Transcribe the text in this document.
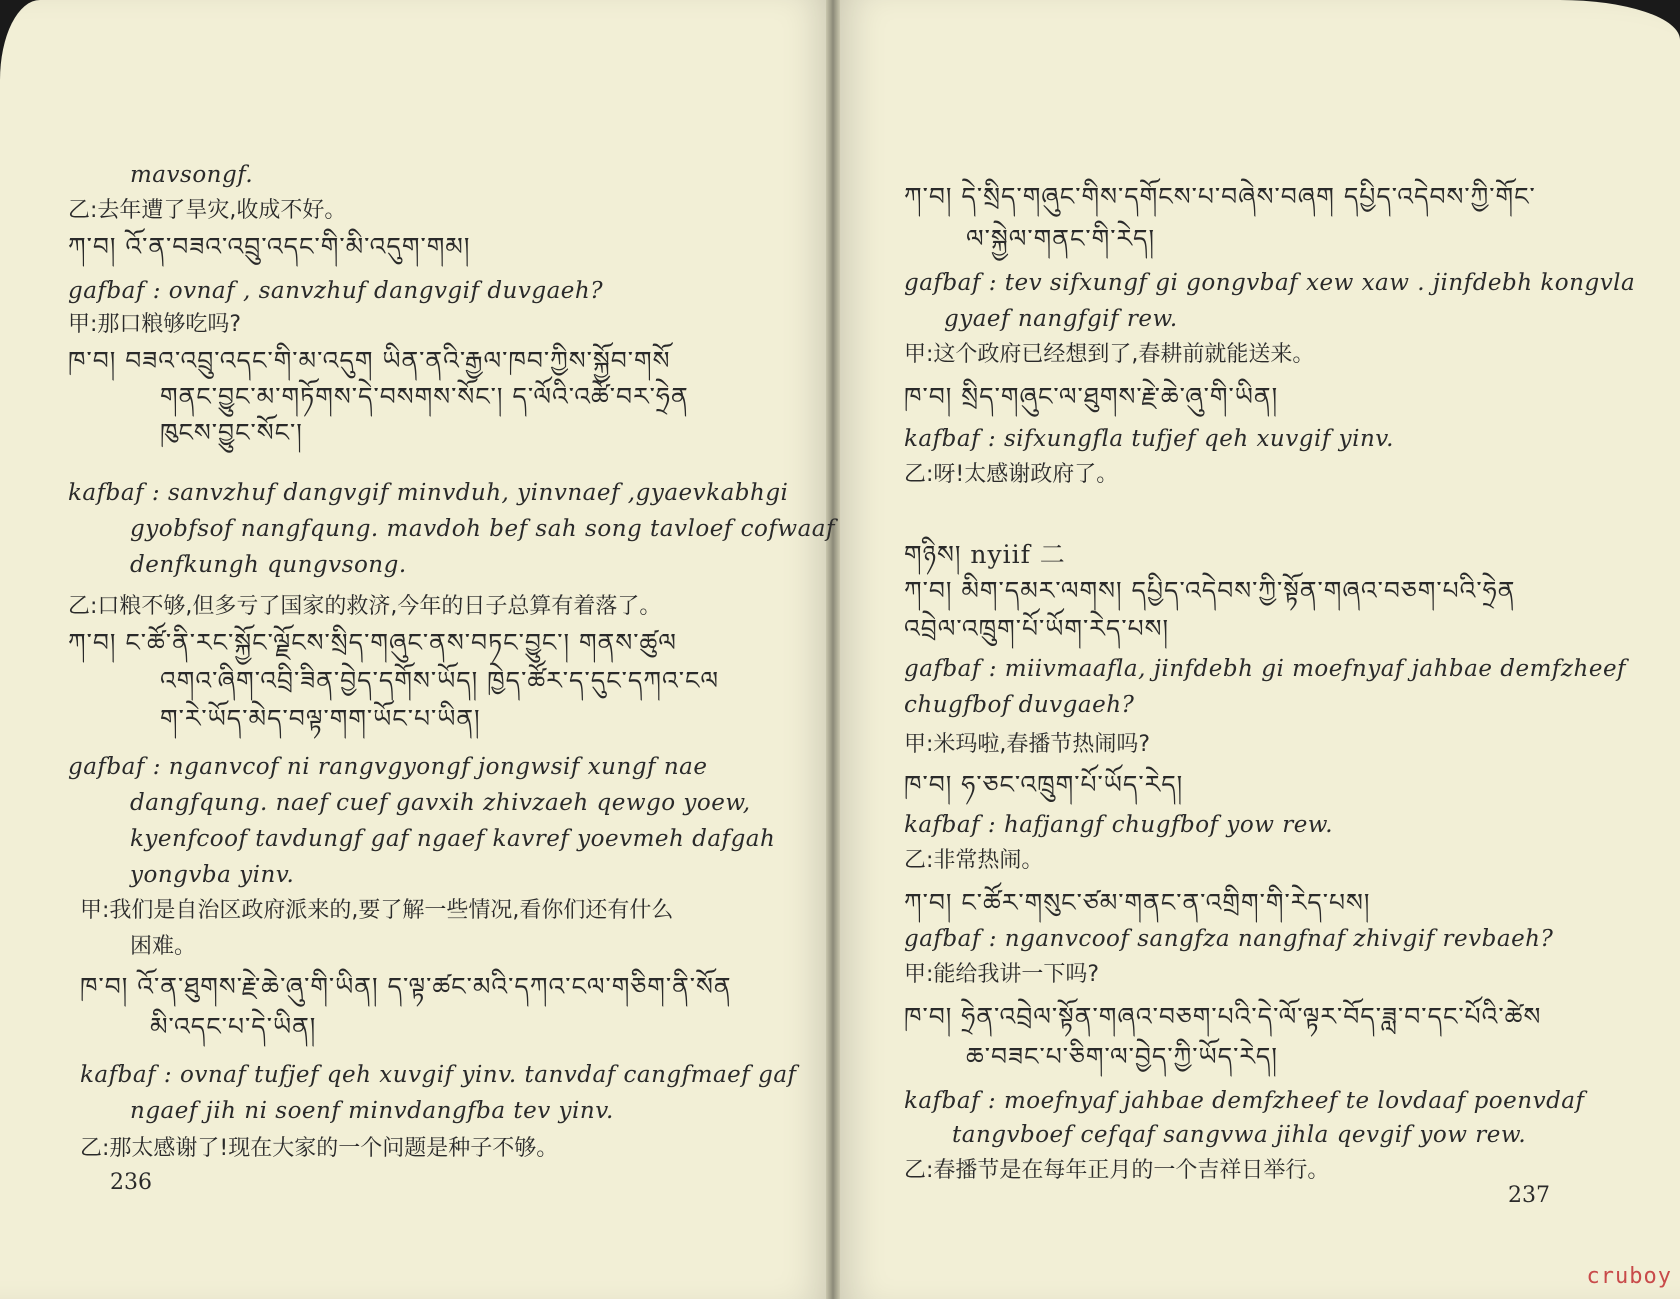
mavsongf.
乙:去年遭了旱灾,收成不好。
ཀ་བ། འོ་ན་བཟའ་འབྲུ་འདང་གི་མི་འདུག་གམ།
gafbaf : ovnaf , sanvzhuf dangvgif duvgaeh?
甲:那口粮够吃吗?
ཁ་བ། བཟའ་འབྲུ་འདང་གི་མ་འདུག ཡིན་ནའི་རྒྱལ་ཁབ་ཀྱིས་སྐྱོབ་གསོ
གནང་བྱུང་མ་གཏོགས་དེ་བསགས་སོང་། ད་ལོའི་འཚོ་བར་ཧྲེན
ཁུངས་བྱུང་སོང་།
kafbaf : sanvzhuf dangvgif minvduh, yinvnaef ,gyaevkabhgi
gyobfsof nangfqung. mavdoh bef sah song tavloef cofwaaf
denfkungh qungvsong.
乙:口粮不够,但多亏了国家的救济,今年的日子总算有着落了。
ཀ་བ། ང་ཚོ་ནི་རང་སྐྱོང་ལྗོངས་སྲིད་གཞུང་ནས་བཏང་བྱུང་། གནས་ཚུལ
འགའ་ཞིག་འབྲི་ཟིན་བྱེད་དགོས་ཡོད། ཁྱེད་ཚོར་ད་དུང་དཀའ་ངལ
ག་རེ་ཡོད་མེད་བལྟ་གག་ཡོང་པ་ཡིན།
gafbaf : nganvcof ni rangvgyongf jongwsif xungf nae
dangfqung. naef cuef gavxih zhivzaeh qewgo yoew,
kyenfcoof tavdungf gaf ngaef kavref yoevmeh dafgah
yongvba yinv.
甲:我们是自治区政府派来的,要了解一些情况,看你们还有什么
困难。
ཁ་བ། འོ་ན་ཐུགས་རྗེ་ཆེ་ཞུ་གི་ཡིན། ད་ལྟ་ཚང་མའི་དཀའ་ངལ་གཅིག་ནི་སོན
མི་འདང་པ་དེ་ཡིན།
kafbaf : ovnaf tufjef qeh xuvgif yinv. tanvdaf cangfmaef gaf
ngaef jih ni soenf minvdangfba tev yinv.
乙:那太感谢了!现在大家的一个问题是种子不够。
ཀ་བ། དེ་སྲིད་གཞུང་གིས་དགོངས་པ་བཞེས་བཞག དཔྱིད་འདེབས་ཀྱི་གོང་
ལ་སྐྱེལ་གནང་གི་རེད།
gafbaf : tev sifxungf gi gongvbaf xew xaw . jinfdebh kongvla
gyaef nangfgif rew.
甲:这个政府已经想到了,春耕前就能送来。
ཁ་བ། སྲིད་གཞུང་ལ་ཐུགས་རྗེ་ཆེ་ཞུ་གི་ཡིན།
kafbaf : sifxungfla tufjef qeh xuvgif yinv.
乙:呀!太感谢政府了。
གཉིས། nyiif 二
ཀ་བ། མིག་དམར་ལགས། དཔྱིད་འདེབས་ཀྱི་སྟོན་གཞའ་བཅག་པའི་ཧྲེན
འབྲེལ་འཁྲུག་པོ་ཡོག་རེད་པས།
gafbaf : miivmaafla, jinfdebh gi moefnyaf jahbae demfzheef
chugfbof duvgaeh?
甲:米玛啦,春播节热闹吗?
ཁ་བ། ཧ་ཅང་འཁྲུག་པོ་ཡོད་རེད།
kafbaf : hafjangf chugfbof yow rew.
乙:非常热闹。
ཀ་བ། ང་ཚོར་གསུང་ཙམ་གནང་ན་འགྲིག་གི་རེད་པས།
gafbaf : nganvcoof sangfza nangfnaf zhivgif revbaeh?
甲:能给我讲一下吗?
ཁ་བ། ཧྲེན་འབྲེལ་སྟོན་གཞའ་བཅག་པའི་དེ་ལོ་ལྟར་བོད་ཟླ་བ་དང་པོའི་ཚེས
ཆ་བཟང་པ་ཅིག་ལ་བྱེད་ཀྱི་ཡོད་རེད།
kafbaf : moefnyaf jahbae demfzheef te lovdaaf poenvdaf
tangvboef cefqaf sangvwa jihla qevgif yow rew.
乙:春播节是在每年正月的一个吉祥日举行。
236
237
cruboy
